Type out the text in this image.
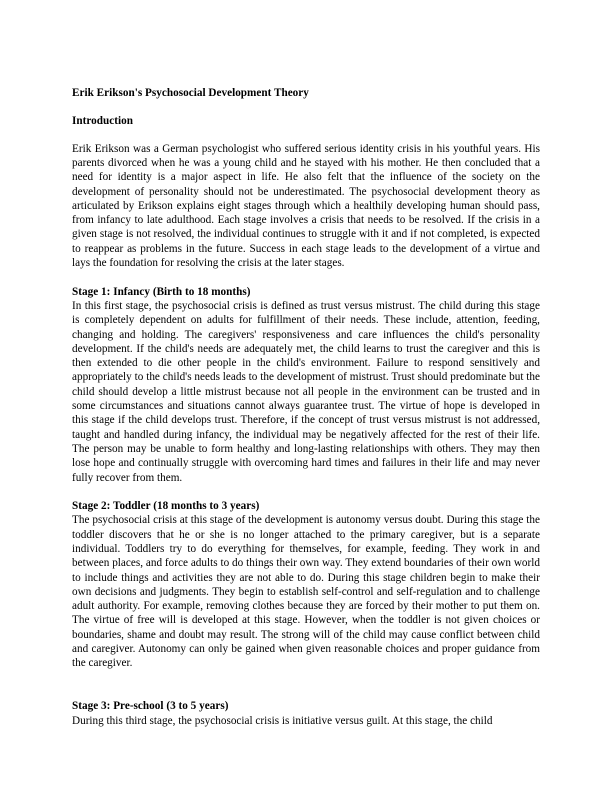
Erik Erikson's Psychosocial Development Theory
Introduction

Erik Erikson was a German psychologist who suffered serious identity crisis in his youthful years. His parents divorced when he was a young child and he stayed with his mother. He then concluded that a need for identity is a major aspect in life. He also felt that the influence of the society on the development of personality should not be underestimated. The psychosocial development theory as articulated by Erikson explains eight stages through which a healthily developing human should pass, from infancy to late adulthood. Each stage involves a crisis that needs to be resolved. If the crisis in a given stage is not resolved, the individual continues to struggle with it and if not completed, is expected to reappear as problems in the future. Success in each stage leads to the development of a virtue and lays the foundation for resolving the crisis at the later stages.

Stage 1: Infancy (Birth to 18 months)

In this first stage, the psychosocial crisis is defined as trust versus mistrust. The child during this stage is completely dependent on adults for fulfillment of their needs. These include, attention, feeding, changing and holding. The caregivers' responsiveness and care influences the child's personality development. If the child's needs are adequately met, the child learns to trust the caregiver and this is then extended to die other people in the child's environment. Failure to respond sensitively and appropriately to the child's needs leads to the development of mistrust. Trust should predominate but the child should develop a little mistrust because not all people in the environment can be trusted and in some circumstances and situations cannot always guarantee trust. The virtue of hope is developed in this stage if the child develops trust. Therefore, if the concept of trust versus mistrust is not addressed, taught and handled during infancy, the individual may be negatively affected for the rest of their life. The person may be unable to form healthy and long-lasting relationships with others. They may then lose hope and continually struggle with overcoming hard times and failures in their life and may never fully recover from them.

Stage 2: Toddler (18 months to 3 years)

The psychosocial crisis at this stage of the development is autonomy versus doubt. During this stage the toddler discovers that he or she is no longer attached to the primary caregiver, but is a separate individual. Toddlers try to do everything for themselves, for example, feeding. They work in and between places, and force adults to do things their own way. They extend boundaries of their own world to include things and activities they are not able to do. During this stage children begin to make their own decisions and judgments. They begin to establish self-control and self-regulation and to challenge adult authority. For example, removing clothes because they are forced by their mother to put them on. The virtue of free will is developed at this stage. However, when the toddler is not given choices or boundaries, shame and doubt may result. The strong will of the child may cause conflict between child and caregiver. Autonomy can only be gained when given reasonable choices and proper guidance from the caregiver.

Stage 3: Pre-school (3 to 5 years)

During this third stage, the psychosocial crisis is initiative versus guilt. At this stage, the child
